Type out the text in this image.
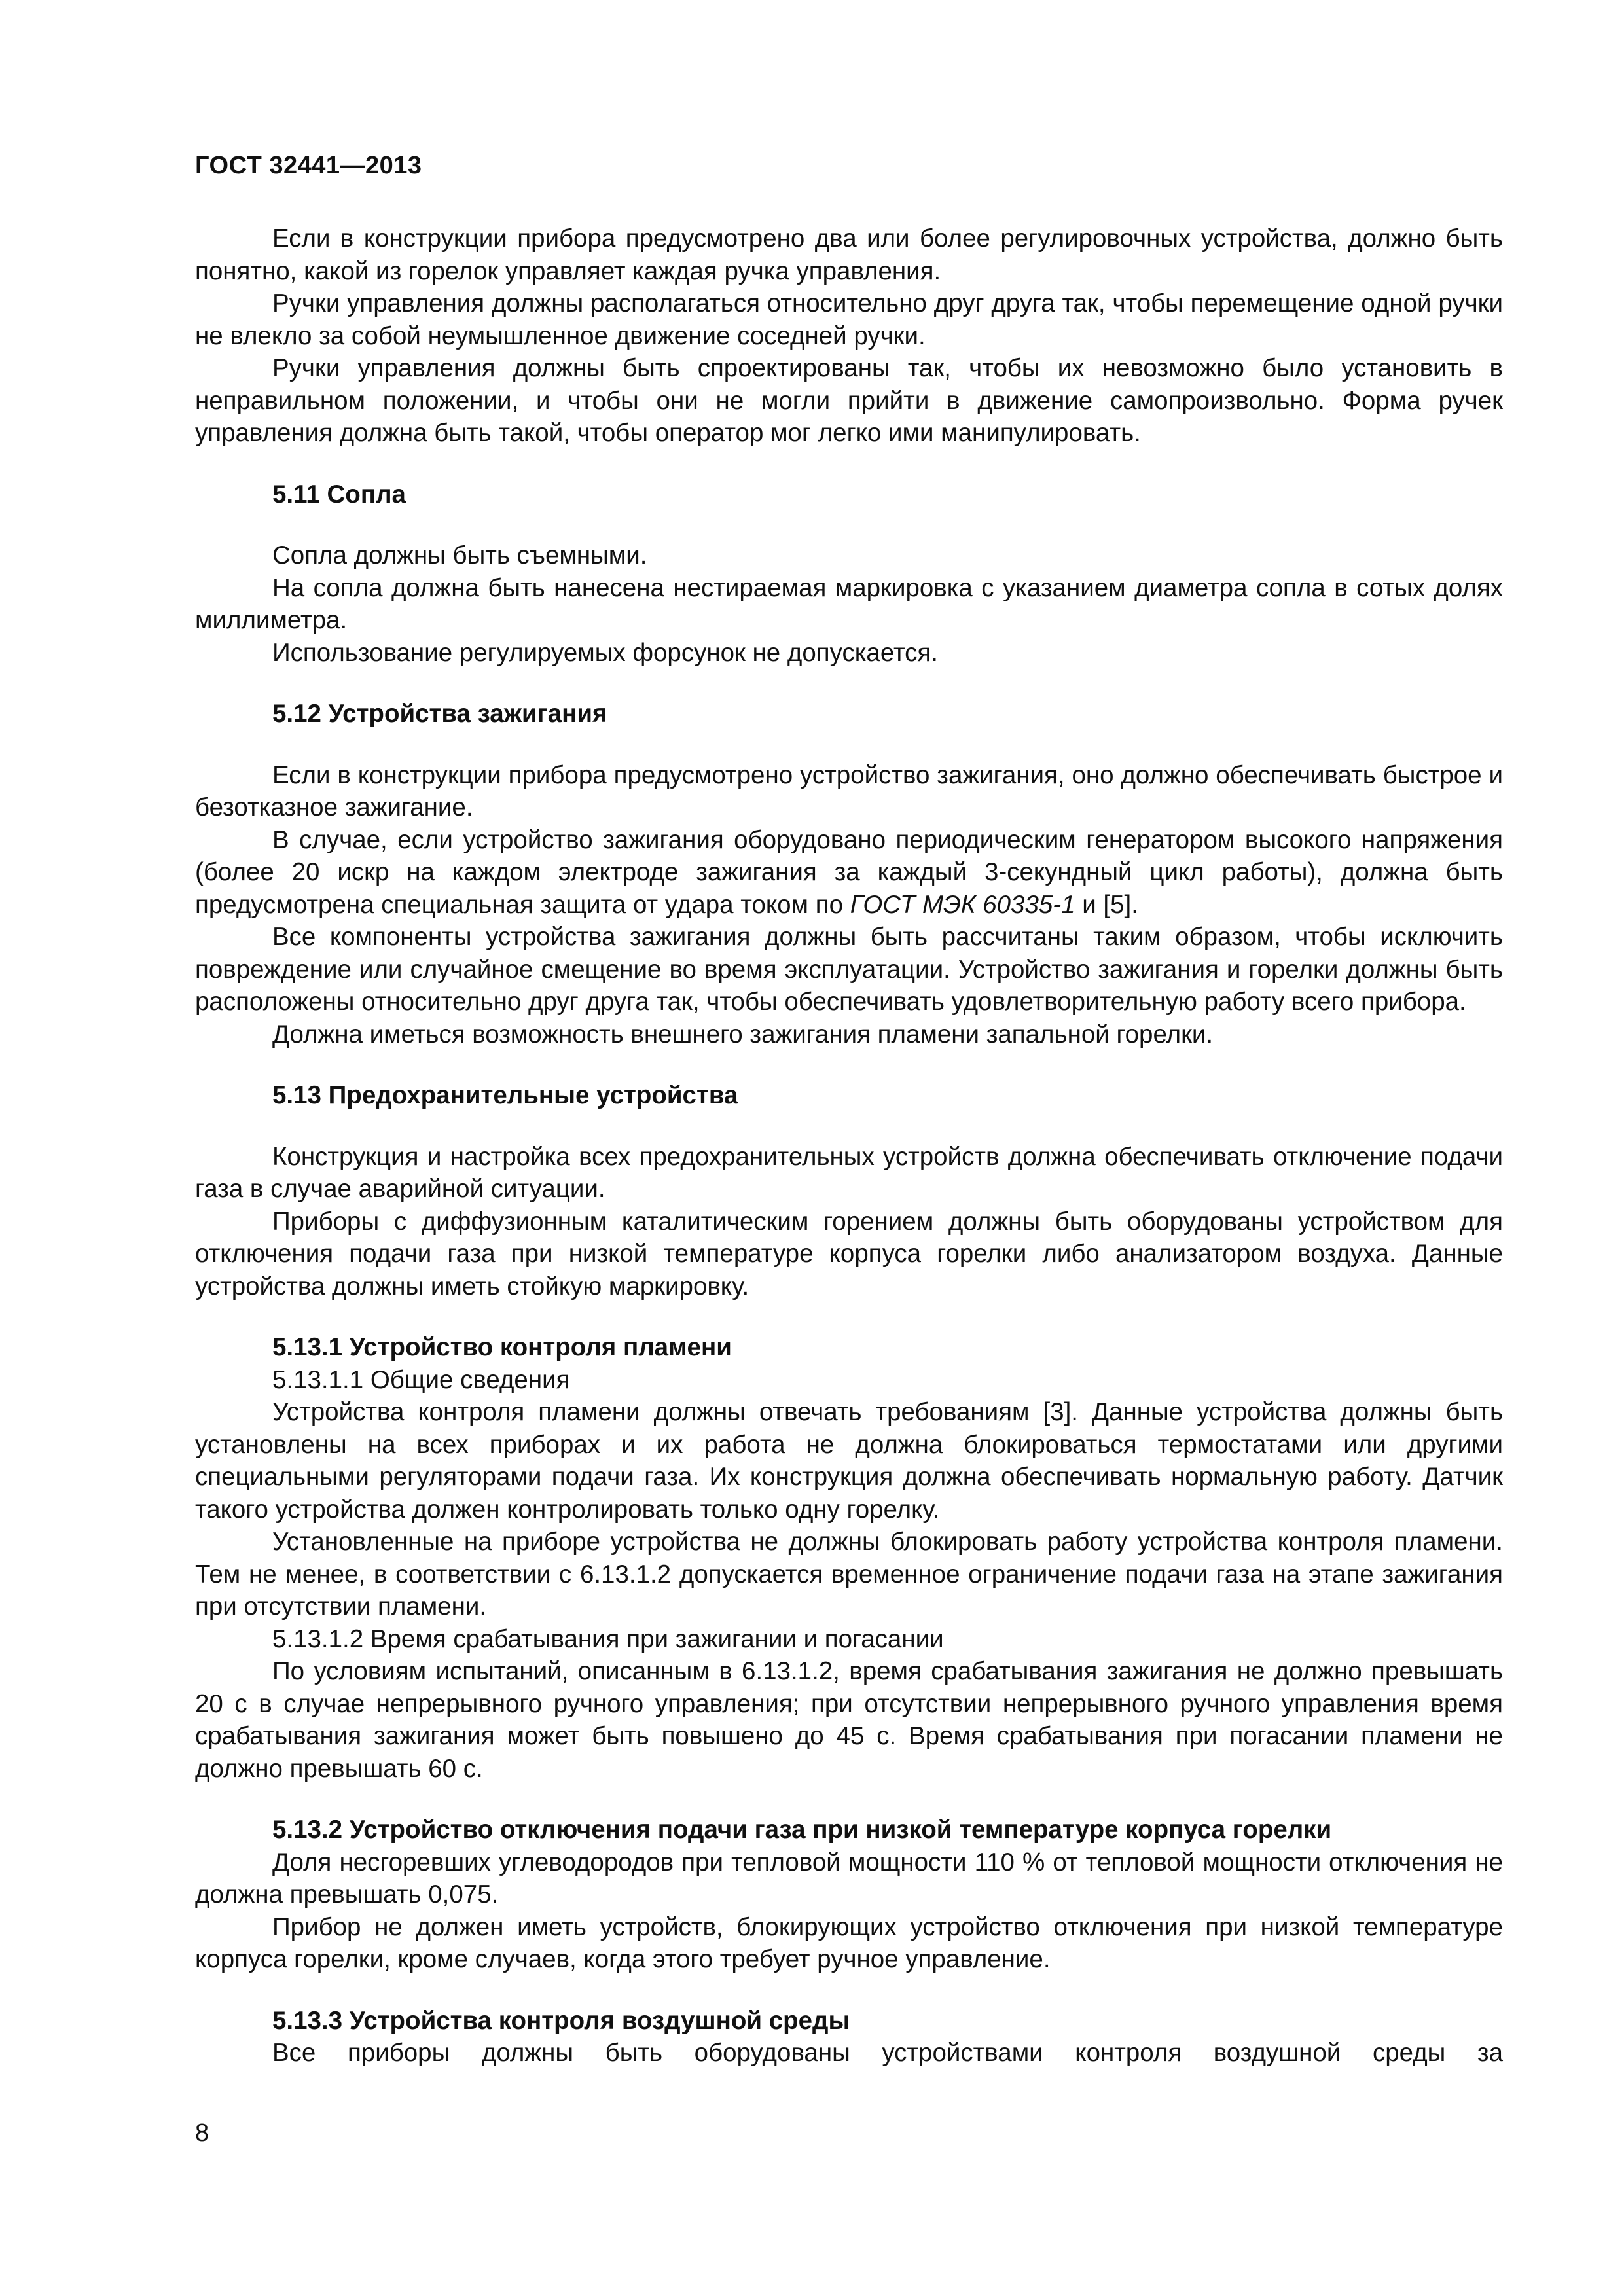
ГОСТ 32441—2013

Если в конструкции прибора предусмотрено два или более регулировочных устройства, должно быть понятно, какой из горелок управляет каждая ручка управления.

Ручки управления должны располагаться относительно друг друга так, чтобы перемещение одной ручки не влекло за собой неумышленное движение соседней ручки.

Ручки управления должны быть спроектированы так, чтобы их невозможно было установить в неправильном положении, и чтобы они не могли прийти в движение самопроизвольно. Форма ручек управления должна быть такой, чтобы оператор мог легко ими манипулировать.

5.11 Сопла

Сопла должны быть съемными.

На сопла должна быть нанесена нестираемая маркировка с указанием диаметра сопла в сотых долях миллиметра.

Использование регулируемых форсунок не допускается.

5.12 Устройства зажигания

Если в конструкции прибора предусмотрено устройство зажигания, оно должно обеспечивать быстрое и безотказное зажигание.

В случае, если устройство зажигания оборудовано периодическим генератором высокого напряжения (более 20 искр на каждом электроде зажигания за каждый 3-секундный цикл работы), должна быть предусмотрена специальная защита от удара током по ГОСТ МЭК 60335-1 и [5].

Все компоненты устройства зажигания должны быть рассчитаны таким образом, чтобы исключить повреждение или случайное смещение во время эксплуатации. Устройство зажигания и горелки должны быть расположены относительно друг друга так, чтобы обеспечивать удовлетворительную работу всего прибора.

Должна иметься возможность внешнего зажигания пламени запальной горелки.

5.13 Предохранительные устройства

Конструкция и настройка всех предохранительных устройств должна обеспечивать отключение подачи газа в случае аварийной ситуации.

Приборы с диффузионным каталитическим горением должны быть оборудованы устройством для отключения подачи газа при низкой температуре корпуса горелки либо анализатором воздуха. Данные устройства должны иметь стойкую маркировку.

5.13.1 Устройство контроля пламени

5.13.1.1 Общие сведения

Устройства контроля пламени должны отвечать требованиям [3]. Данные устройства должны быть установлены на всех приборах и их работа не должна блокироваться термостатами или другими специальными регуляторами подачи газа. Их конструкция должна обеспечивать нормальную работу. Датчик такого устройства должен контролировать только одну горелку.

Установленные на приборе устройства не должны блокировать работу устройства контроля пламени. Тем не менее, в соответствии с 6.13.1.2 допускается временное ограничение подачи газа на этапе зажигания при отсутствии пламени.

5.13.1.2 Время срабатывания при зажигании и погасании

По условиям испытаний, описанным в 6.13.1.2, время срабатывания зажигания не должно превышать 20 с в случае непрерывного ручного управления; при отсутствии непрерывного ручного управления время срабатывания зажигания может быть повышено до 45 с. Время срабатывания при погасании пламени не должно превышать 60 с.

5.13.2 Устройство отключения подачи газа при низкой температуре корпуса горелки

Доля несгоревших углеводородов при тепловой мощности 110 % от тепловой мощности отключения не должна превышать 0,075.

Прибор не должен иметь устройств, блокирующих устройство отключения при низкой температуре корпуса горелки, кроме случаев, когда этого требует ручное управление.

5.13.3 Устройства контроля воздушной среды

Все приборы должны быть оборудованы устройствами контроля воздушной среды за

8
